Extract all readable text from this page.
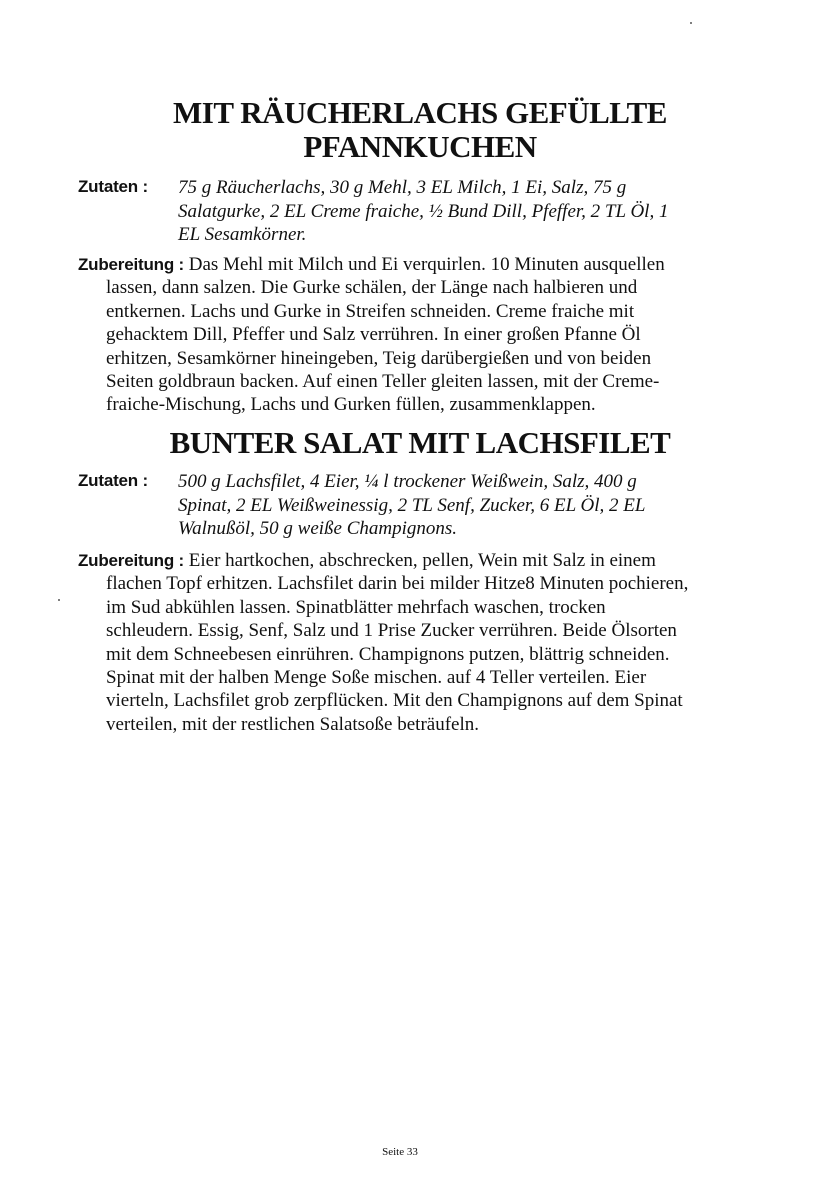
MIT RÄUCHERLACHS GEFÜLLTE
PFANNKUCHEN
Zutaten : 75 g Räucherlachs, 30 g Mehl, 3 EL Milch, 1 Ei, Salz, 75 g
Salatgurke, 2 EL Creme fraiche, ½ Bund Dill, Pfeffer, 2 TL Öl, 1
EL Sesamkörner.
Zubereitung : Das Mehl mit Milch und Ei verquirlen. 10 Minuten ausquellen
lassen, dann salzen. Die Gurke schälen, der Länge nach halbieren und
entkernen. Lachs und Gurke in Streifen schneiden. Creme fraiche mit
gehacktem Dill, Pfeffer und Salz verrühren. In einer großen Pfanne Öl
erhitzen, Sesamkörner hineingeben, Teig darübergießen und von beiden
Seiten goldbraun backen. Auf einen Teller gleiten lassen, mit der Creme-
fraiche-Mischung, Lachs und Gurken füllen, zusammenklappen.
BUNTER SALAT MIT LACHSFILET
Zutaten : 500 g Lachsfilet, 4 Eier, ¼ l trockener Weißwein, Salz, 400 g
Spinat, 2 EL Weißweinessig, 2 TL Senf, Zucker, 6 EL Öl, 2 EL
Walnußöl, 50 g weiße Champignons.
Zubereitung : Eier hartkochen, abschrecken, pellen, Wein mit Salz in einem
flachen Topf erhitzen. Lachsfilet darin bei milder Hitze8 Minuten pochieren,
im Sud abkühlen lassen. Spinatblätter mehrfach waschen, trocken
schleudern. Essig, Senf, Salz und 1 Prise Zucker verrühren. Beide Ölsorten
mit dem Schneebesen einrühren. Champignons putzen, blättrig schneiden.
Spinat mit der halben Menge Soße mischen. auf 4 Teller verteilen. Eier
vierteln, Lachsfilet grob zerpflücken. Mit den Champignons auf dem Spinat
verteilen, mit der restlichen Salatsoße beträufeln.
Seite 33
